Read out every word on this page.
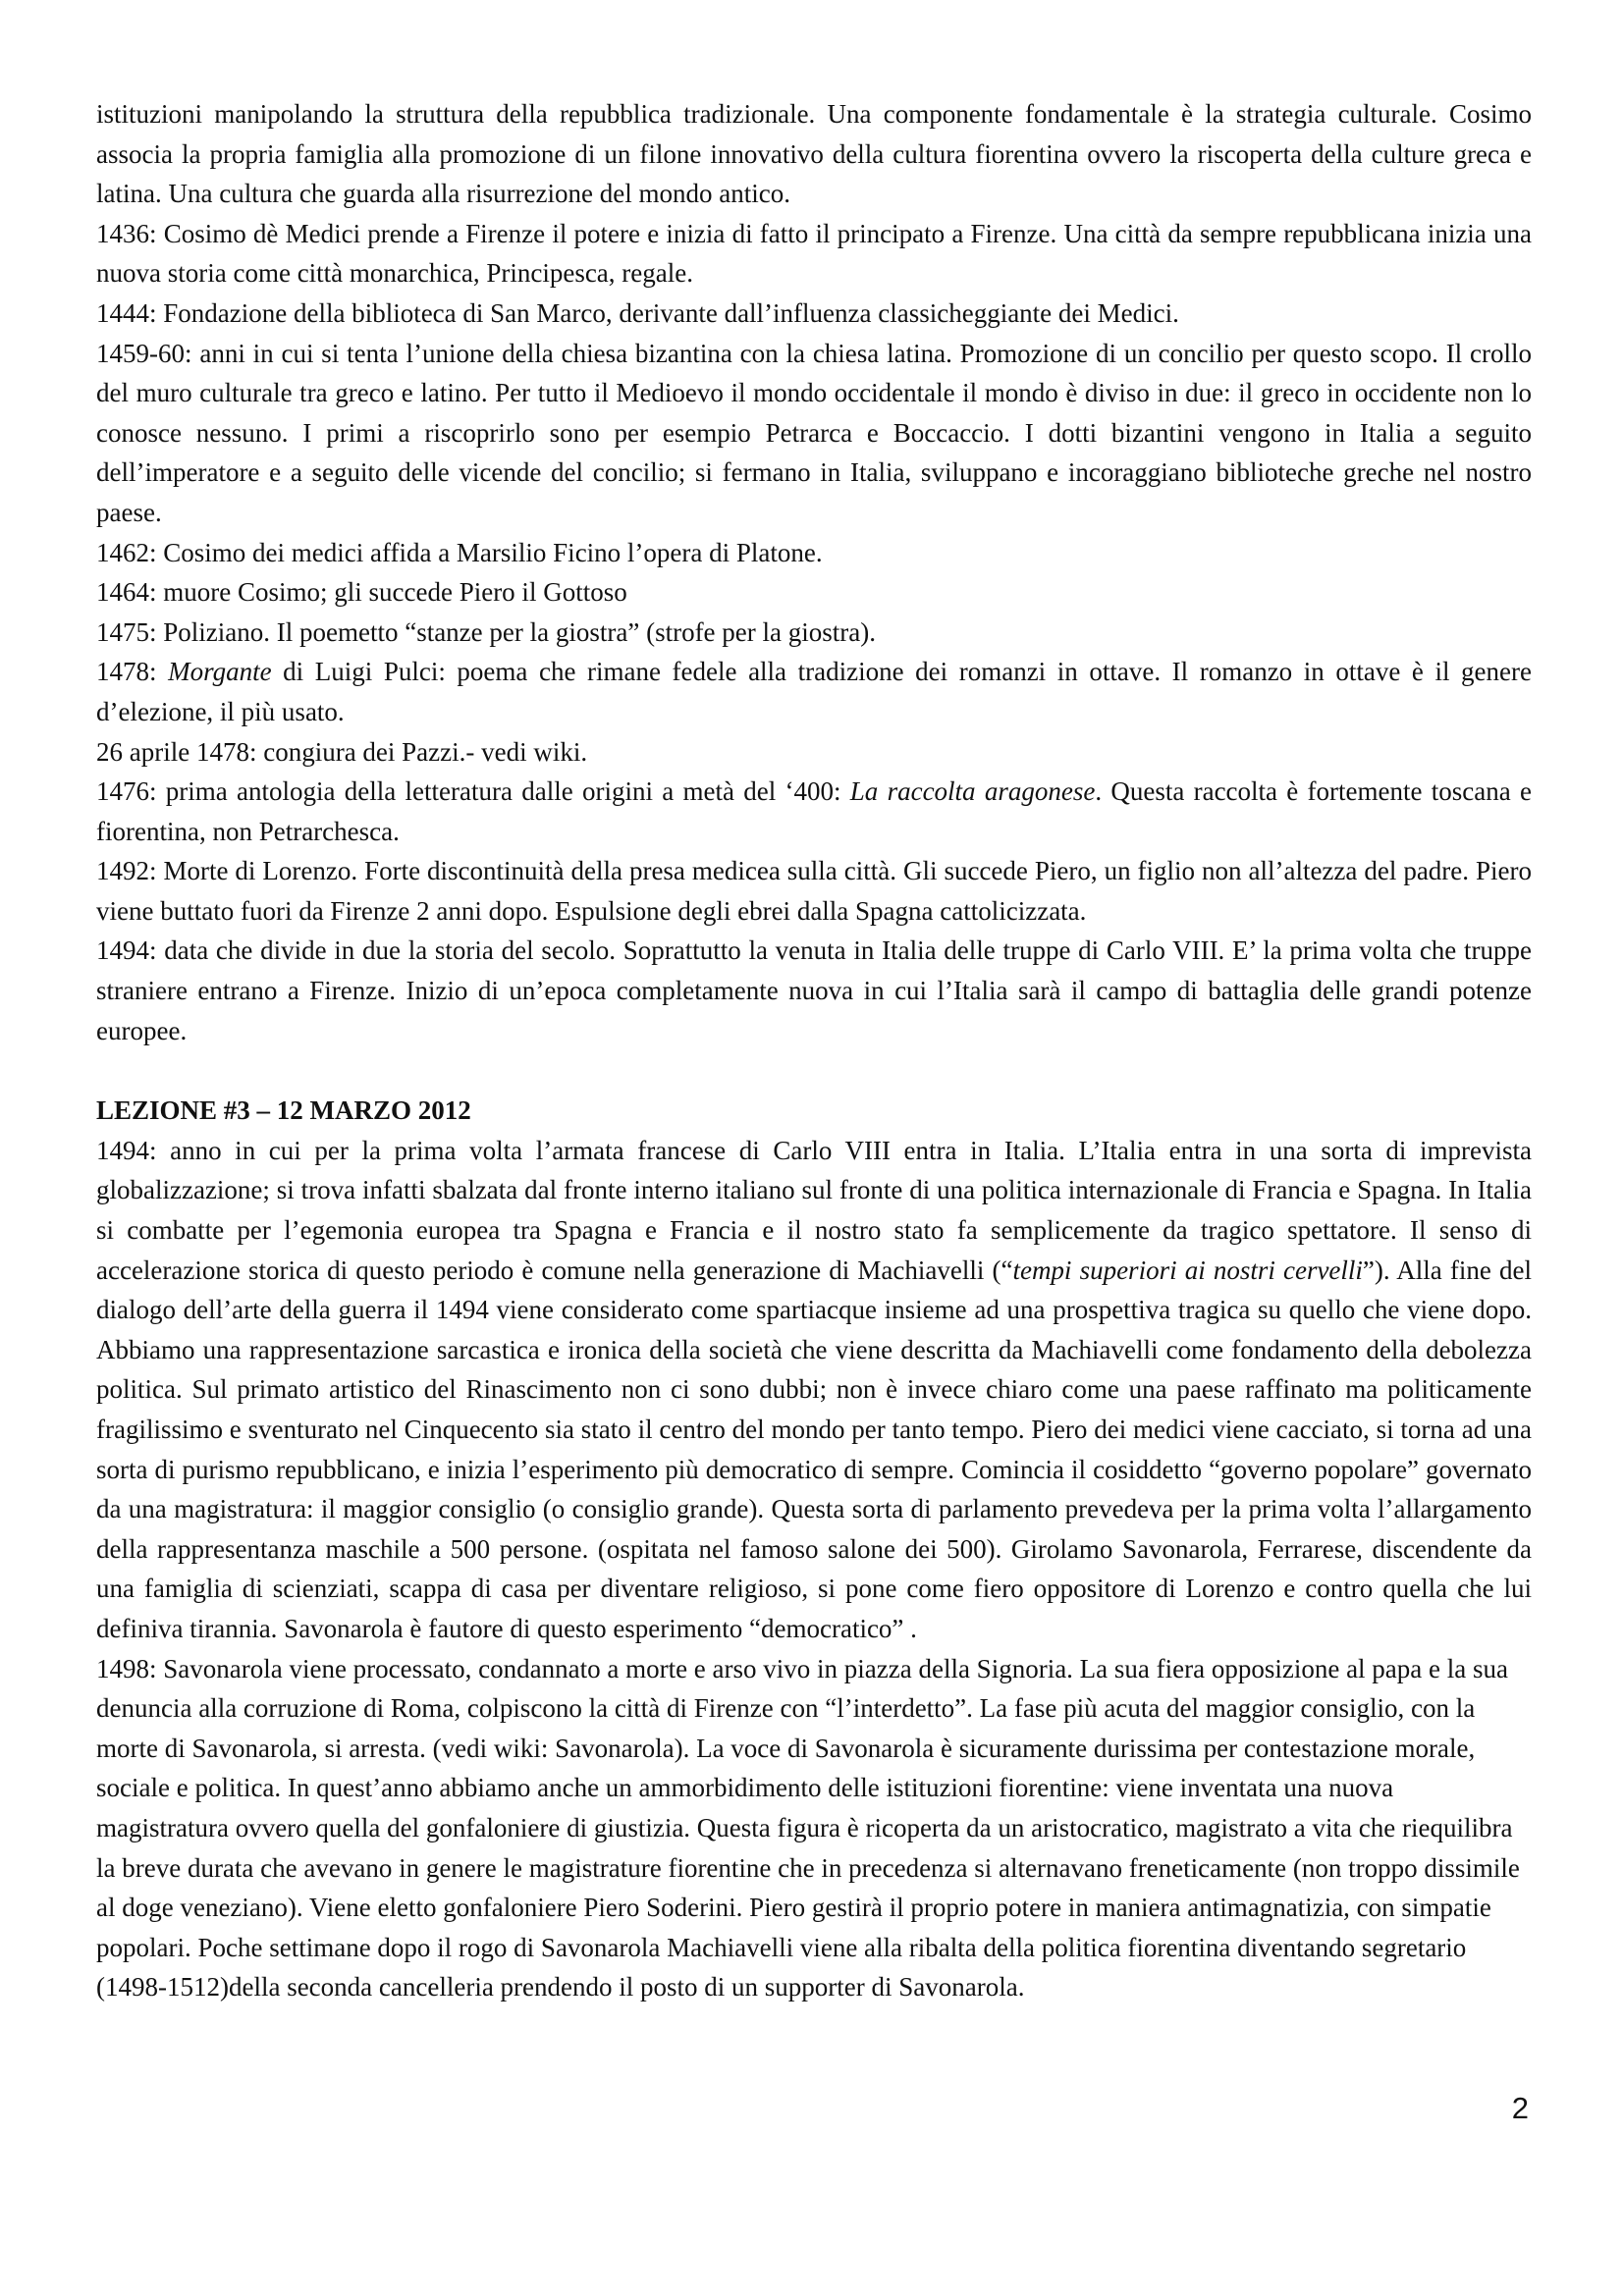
istituzioni manipolando la struttura della repubblica tradizionale. Una componente fondamentale è la strategia culturale. Cosimo associa la propria famiglia alla promozione di un filone innovativo della cultura fiorentina ovvero la riscoperta della culture greca e latina. Una cultura che guarda alla risurrezione del mondo antico.

1436: Cosimo dè Medici prende a Firenze il potere e inizia di fatto il principato a Firenze. Una città da sempre repubblicana inizia una nuova storia come città monarchica, Principesca, regale.

1444: Fondazione della biblioteca di San Marco, derivante dall’influenza classicheggiante dei Medici.

1459-60: anni in cui si tenta l’unione della chiesa bizantina con la chiesa latina. Promozione di un concilio per questo scopo. Il crollo del muro culturale tra greco e latino. Per tutto il Medioevo il mondo occidentale il mondo è diviso in due: il greco in occidente non lo conosce nessuno. I primi a riscoprirlo sono per esempio Petrarca e Boccaccio. I dotti bizantini vengono in Italia a seguito dell’imperatore e a seguito delle vicende del concilio; si fermano in Italia, sviluppano e incoraggiano biblioteche greche nel nostro paese.

1462: Cosimo dei medici affida a Marsilio Ficino l’opera di Platone.

1464: muore Cosimo; gli succede Piero il Gottoso

1475: Poliziano. Il poemetto “stanze per la giostra” (strofe per la giostra).

1478: Morgante di Luigi Pulci: poema che rimane fedele alla tradizione dei romanzi in ottave. Il romanzo in ottave è il genere d’elezione, il più usato.

26 aprile 1478: congiura dei Pazzi.- vedi wiki.

1476: prima antologia della letteratura dalle origini a metà del ‘400: La raccolta aragonese. Questa raccolta è fortemente toscana e fiorentina, non Petrarchesca.

1492: Morte di Lorenzo. Forte discontinuità della presa medicea sulla città. Gli succede Piero, un figlio non all’altezza del padre. Piero viene buttato fuori da Firenze 2 anni dopo. Espulsione degli ebrei dalla Spagna cattolicizzata.

1494: data che divide in due la storia del secolo. Soprattutto la venuta in Italia delle truppe di Carlo VIII. E’ la prima volta che truppe straniere entrano a Firenze. Inizio di un’epoca completamente nuova in cui l’Italia sarà il campo di battaglia delle grandi potenze europee.

LEZIONE #3 – 12 MARZO 2012

1494: anno in cui per la prima volta l’armata francese di Carlo VIII entra in Italia. L’Italia entra in una sorta di imprevista globalizzazione; si trova infatti sbalzata dal fronte interno italiano sul fronte di una politica internazionale di Francia e Spagna. In Italia si combatte per l’egemonia europea tra Spagna e Francia e il nostro stato fa semplicemente da tragico spettatore. Il senso di accelerazione storica di questo periodo è comune nella generazione di Machiavelli (“tempi superiori ai nostri cervelli”). Alla fine del dialogo dell’arte della guerra il 1494 viene considerato come spartiacque insieme ad una prospettiva tragica su quello che viene dopo. Abbiamo una rappresentazione sarcastica e ironica della società che viene descritta da Machiavelli come fondamento della debolezza politica. Sul primato artistico del Rinascimento non ci sono dubbi; non è invece chiaro come una paese raffinato ma politicamente fragilissimo e sventurato nel Cinquecento sia stato il centro del mondo per tanto tempo. Piero dei medici viene cacciato, si torna ad una sorta di purismo repubblicano, e inizia l’esperimento più democratico di sempre. Comincia il cosiddetto “governo popolare” governato da una magistratura: il maggior consiglio (o consiglio grande). Questa sorta di parlamento prevedeva per la prima volta l’allargamento della rappresentanza maschile a 500 persone. (ospitata nel famoso salone dei 500). Girolamo Savonarola, Ferrarese, discendente da una famiglia di scienziati, scappa di casa per diventare religioso, si pone come fiero oppositore di Lorenzo e contro quella che lui definiva tirannia. Savonarola è fautore di questo esperimento “democratico” .

1498: Savonarola viene processato, condannato a morte e arso vivo in piazza della Signoria. La sua fiera opposizione al papa e la sua denuncia alla corruzione di Roma, colpiscono la città di Firenze con “l’interdetto”. La fase più acuta del maggior consiglio, con la morte di Savonarola, si arresta. (vedi wiki: Savonarola). La voce di Savonarola è sicuramente durissima per contestazione morale, sociale e politica. In quest’anno abbiamo anche un ammorbidimento delle istituzioni fiorentine: viene inventata una nuova magistratura ovvero quella del gonfaloniere di giustizia. Questa figura è ricoperta da un aristocratico, magistrato a vita che riequilibra la breve durata che avevano in genere le magistrature fiorentine che in precedenza si alternavano freneticamente (non troppo dissimile al doge veneziano). Viene eletto gonfaloniere Piero Soderini. Piero gestirà il proprio potere in maniera antimagnatizia, con simpatie popolari. Poche settimane dopo il rogo di Savonarola Machiavelli viene alla ribalta della politica fiorentina diventando segretario (1498-1512)della seconda cancelleria prendendo il posto di un supporter di Savonarola.

2
